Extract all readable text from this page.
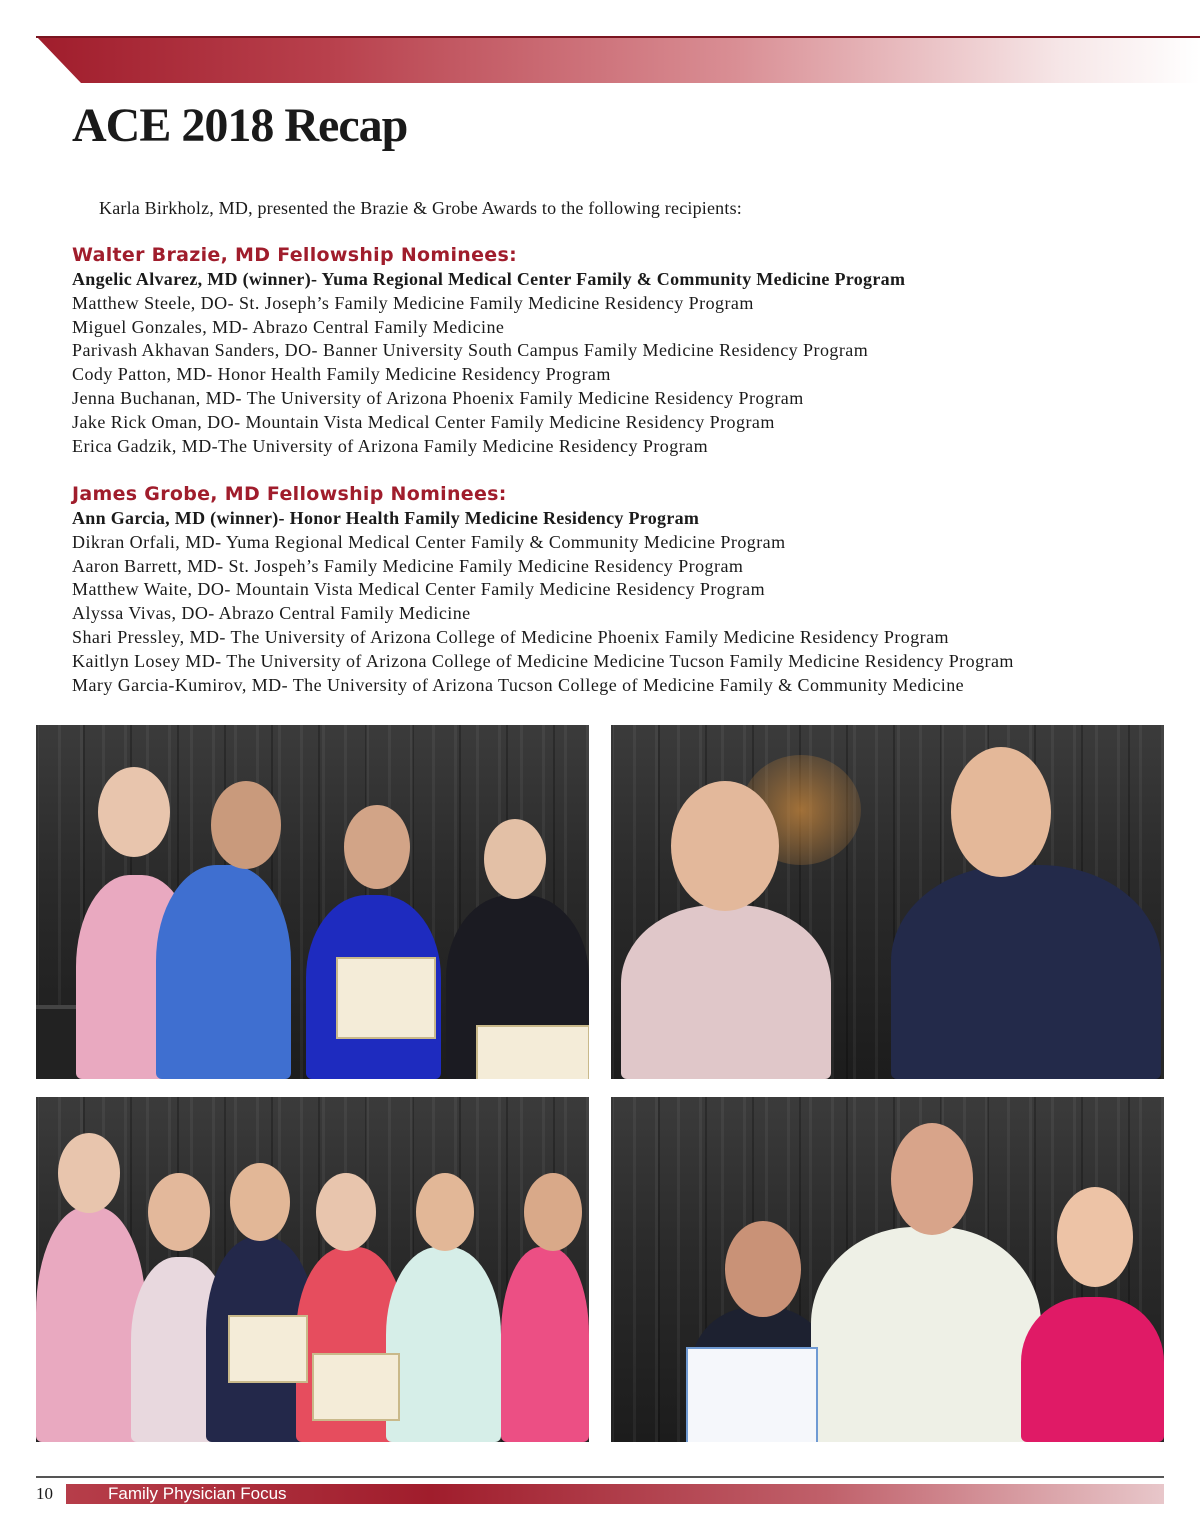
ACE 2018 Recap

Karla Birkholz, MD, presented the Brazie & Grobe Awards to the following recipients:

Walter Brazie, MD Fellowship Nominees:
Angelic Alvarez, MD (winner)- Yuma Regional Medical Center Family & Community Medicine Program
Matthew Steele, DO- St. Joseph’s Family Medicine Family Medicine Residency Program
Miguel Gonzales, MD- Abrazo Central Family Medicine
Parivash Akhavan Sanders, DO- Banner University South Campus Family Medicine Residency Program
Cody Patton, MD- Honor Health Family Medicine Residency Program
Jenna Buchanan, MD- The University of Arizona Phoenix Family Medicine Residency Program
Jake Rick Oman, DO- Mountain Vista Medical Center Family Medicine Residency Program
Erica Gadzik, MD-The University of Arizona Family Medicine Residency Program
James Grobe, MD Fellowship Nominees:
Ann Garcia, MD (winner)- Honor Health Family Medicine Residency Program
Dikran Orfali, MD- Yuma Regional Medical Center Family & Community Medicine Program
Aaron Barrett, MD- St. Jospeh’s Family Medicine Family Medicine Residency Program
Matthew Waite, DO- Mountain Vista Medical Center Family Medicine Residency Program
Alyssa Vivas, DO- Abrazo Central Family Medicine
Shari Pressley, MD- The University of Arizona College of Medicine Phoenix Family Medicine Residency Program
Kaitlyn Losey MD- The University of Arizona College of Medicine Medicine Tucson Family Medicine Residency Program
Mary Garcia-Kumirov, MD- The University of Arizona Tucson College of Medicine Family & Community Medicine
10	Family Physician Focus
